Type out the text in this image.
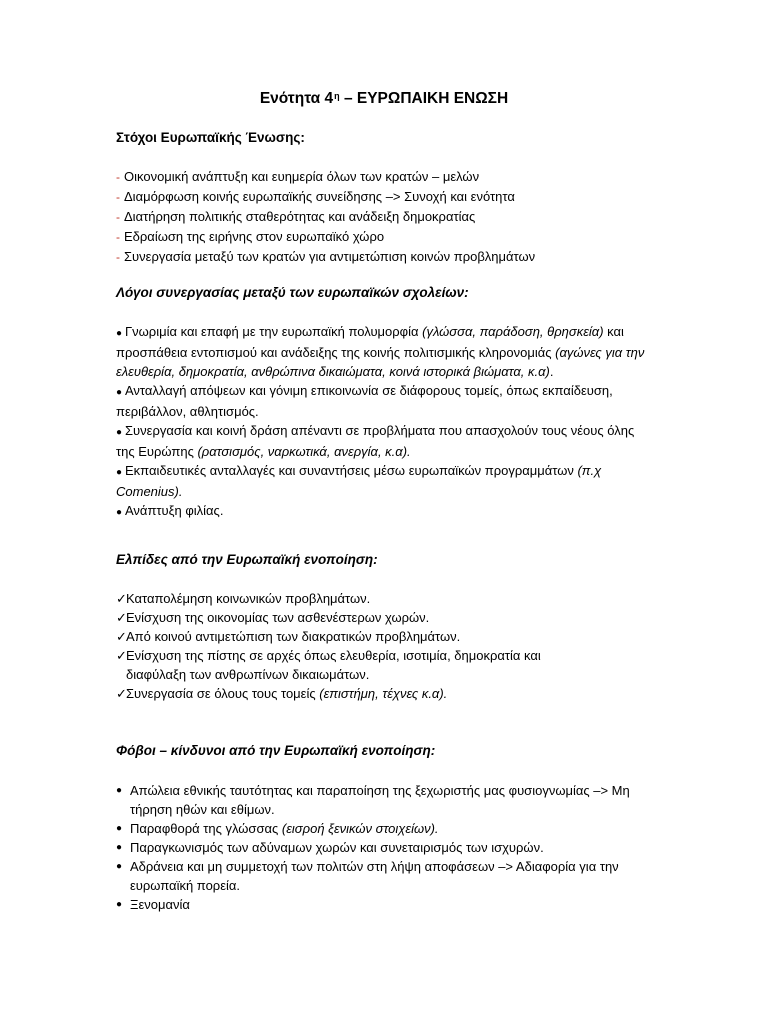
Ενότητα $4^\eta$ – ΕΥΡΩΠΑΙΚΗ ΕΝΩΣΗ
Στόχοι Ευρωπαϊκής Ένωσης:
- Οικονομική ανάπτυξη και ευημερία όλων των κρατών – μελών
- Διαμόρφωση κοινής ευρωπαϊκής συνείδησης –> Συνοχή και ενότητα
- Διατήρηση πολιτικής σταθερότητας και ανάδειξη δημοκρατίας
- Εδραίωση της ειρήνης στον ευρωπαϊκό χώρο
- Συνεργασία μεταξύ των κρατών για αντιμετώπιση κοινών προβλημάτων
Λόγοι συνεργασίας μεταξύ των ευρωπαϊκών σχολείων:
● Γνωριμία και επαφή με την ευρωπαϊκή πολυμορφία (γλώσσα, παράδοση, θρησκεία) και προσπάθεια εντοπισμού και ανάδειξης της κοινής πολιτισμικής κληρονομιάς (αγώνες για την ελευθερία, δημοκρατία, ανθρώπινα δικαιώματα, κοινά ιστορικά βιώματα, κ.α).
● Ανταλλαγή απόψεων και γόνιμη επικοινωνία σε διάφορους τομείς, όπως εκπαίδευση, περιβάλλον, αθλητισμός.
● Συνεργασία και κοινή δράση απέναντι σε προβλήματα που απασχολούν τους νέους όλης της Ευρώπης (ρατσισμός, ναρκωτικά, ανεργία, κ.α).
● Εκπαιδευτικές ανταλλαγές και συναντήσεις μέσω ευρωπαϊκών προγραμμάτων (π.χ Comenius).
● Ανάπτυξη φιλίας.
Ελπίδες από την Ευρωπαϊκή ενοποίηση:
✓Καταπολέμηση κοινωνικών προβλημάτων.
✓Ενίσχυση της οικονομίας των ασθενέστερων χωρών.
✓Από κοινού αντιμετώπιση των διακρατικών προβλημάτων.
✓Ενίσχυση της πίστης σε αρχές όπως ελευθερία, ισοτιμία, δημοκρατία και
διαφύλαξη των ανθρωπίνων δικαιωμάτων.
✓Συνεργασία σε όλους τους τομείς (επιστήμη, τέχνες κ.α).
Φόβοι – κίνδυνοι από την Ευρωπαϊκή ενοποίηση:
● Απώλεια εθνικής ταυτότητας και παραποίηση της ξεχωριστής μας φυσιογνωμίας –> Μη τήρηση ηθών και εθίμων.
● Παραφθορά της γλώσσας (εισροή ξενικών στοιχείων).
● Παραγκωνισμός των αδύναμων χωρών και συνεταιρισμός των ισχυρών.
● Αδράνεια και μη συμμετοχή των πολιτών στη λήψη αποφάσεων –> Αδιαφορία για την ευρωπαϊκή πορεία.
● Ξενομανία
